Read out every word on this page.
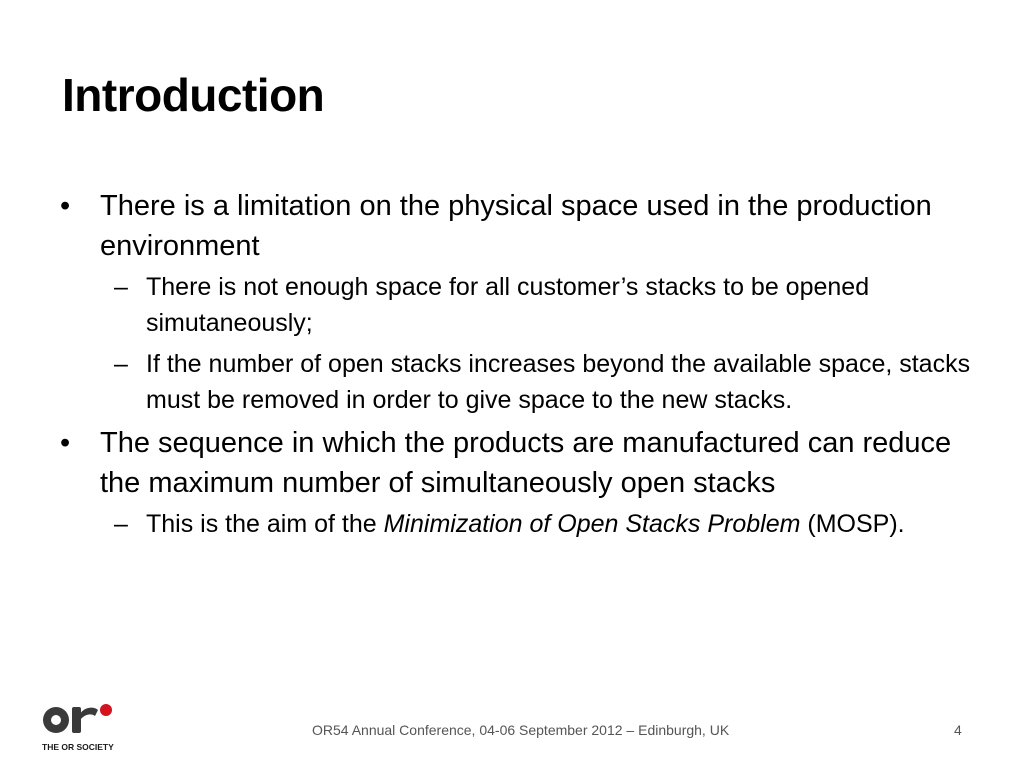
Introduction
•	There is a limitation on the physical space used in the production environment
– There is not enough space for all customer’s stacks to be opened simutaneously;
– If the number of open stacks increases beyond the available space, stacks must be removed in order to give space to the new stacks.
•	The sequence in which the products are manufactured can reduce the maximum number of simultaneously open stacks
– This is the aim of the Minimization of Open Stacks Problem (MOSP).
THE OR SOCIETY
OR54 Annual Conference, 04-06 September 2012 – Edinburgh, UK	4
